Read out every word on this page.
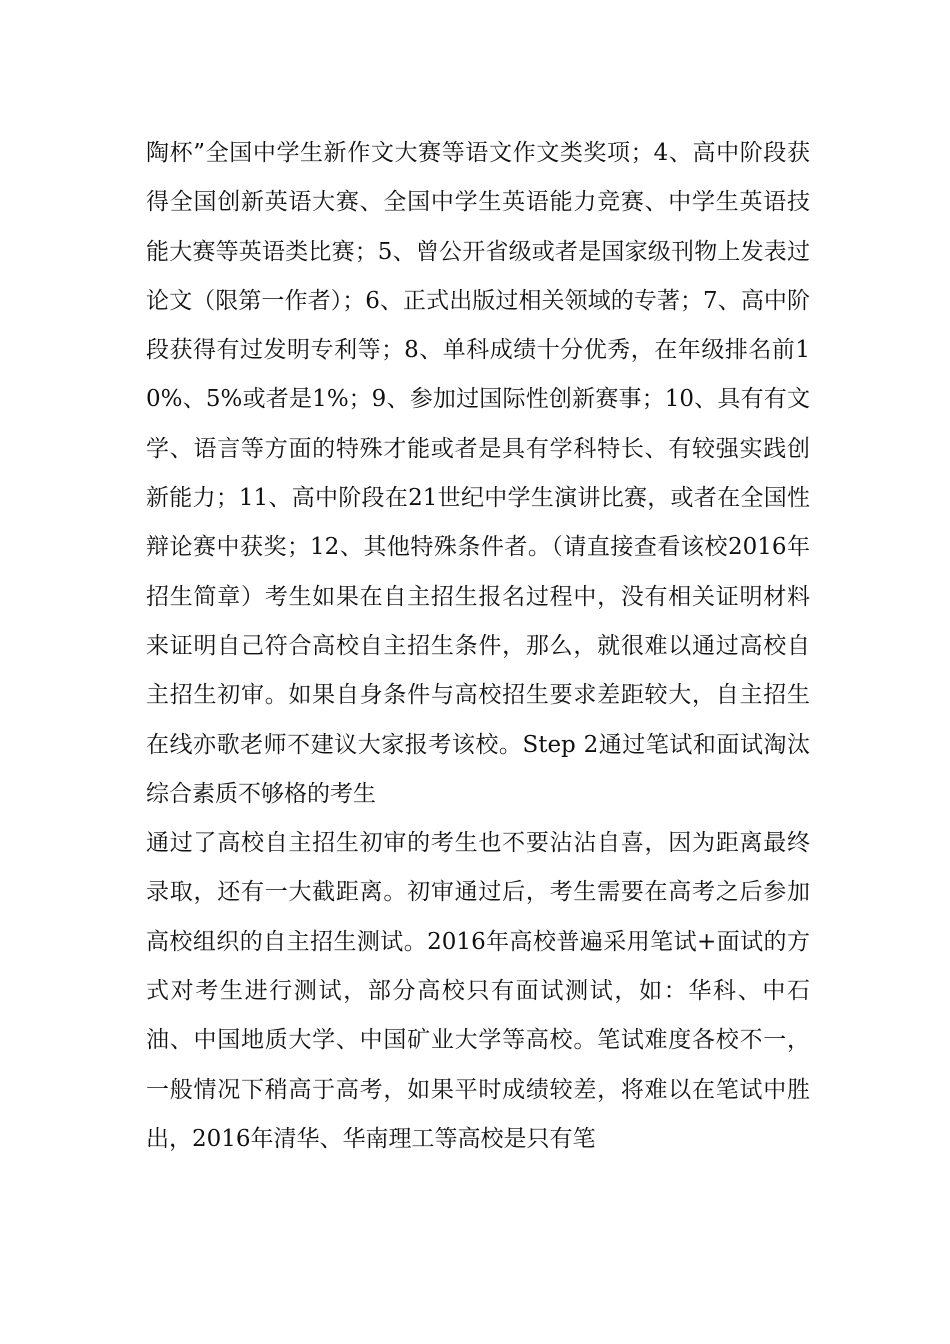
陶杯”全国中学生新作文大赛等语文作文类奖项；4、高中阶段获得全国创新英语大赛、全国中学生英语能力竞赛、中学生英语技能大赛等英语类比赛；5、曾公开省级或者是国家级刊物上发表过论文（限第一作者）；6、正式出版过相关领域的专著；7、高中阶段获得有过发明专利等；8、单科成绩十分优秀，在年级排名前10%、5%或者是1%；9、参加过国际性创新赛事；10、具有有文学、语言等方面的特殊才能或者是具有学科特长、有较强实践创新能力；11、高中阶段在21世纪中学生演讲比赛，或者在全国性辩论赛中获奖；12、其他特殊条件者。（请直接查看该校2016年招生简章）考生如果在自主招生报名过程中，没有相关证明材料来证明自己符合高校自主招生条件，那么，就很难以通过高校自主招生初审。如果自身条件与高校招生要求差距较大，自主招生在线亦歌老师不建议大家报考该校。Step 2通过笔试和面试淘汰综合素质不够格的考生

通过了高校自主招生初审的考生也不要沾沾自喜，因为距离最终录取，还有一大截距离。初审通过后，考生需要在高考之后参加高校组织的自主招生测试。2016年高校普遍采用笔试+面试的方式对考生进行测试，部分高校只有面试测试，如：华科、中石油、中国地质大学、中国矿业大学等高校。笔试难度各校不一，一般情况下稍高于高考，如果平时成绩较差，将难以在笔试中胜出，2016年清华、华南理工等高校是只有笔
